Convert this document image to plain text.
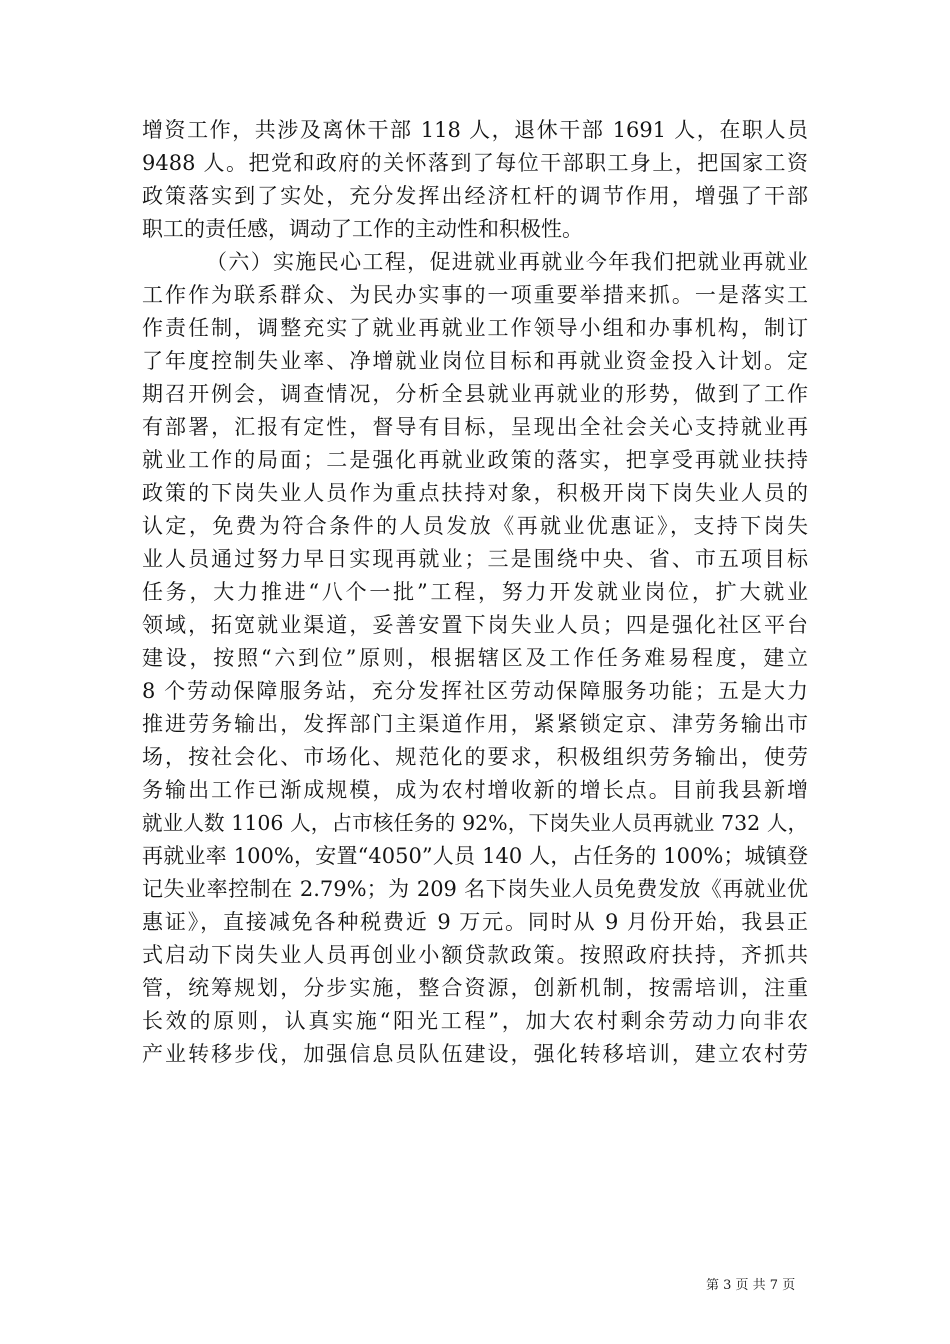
增资工作，共涉及离休干部 118 人，退休干部 1691 人，在职人员
9488 人。把党和政府的关怀落到了每位干部职工身上，把国家工资
政策落实到了实处，充分发挥出经济杠杆的调节作用，增强了干部
职工的责任感，调动了工作的主动性和积极性。
（六）实施民心工程，促进就业再就业今年我们把就业再就业
工作作为联系群众、为民办实事的一项重要举措来抓。一是落实工
作责任制，调整充实了就业再就业工作领导小组和办事机构，制订
了年度控制失业率、净增就业岗位目标和再就业资金投入计划。定
期召开例会，调查情况，分析全县就业再就业的形势，做到了工作
有部署，汇报有定性，督导有目标，呈现出全社会关心支持就业再
就业工作的局面；二是强化再就业政策的落实，把享受再就业扶持
政策的下岗失业人员作为重点扶持对象，积极开岗下岗失业人员的
认定，免费为符合条件的人员发放《再就业优惠证》，支持下岗失
业人员通过努力早日实现再就业；三是围绕中央、省、市五项目标
任务，大力推进“八个一批”工程，努力开发就业岗位，扩大就业
领域，拓宽就业渠道，妥善安置下岗失业人员；四是强化社区平台
建设，按照“六到位”原则，根据辖区及工作任务难易程度，建立
8 个劳动保障服务站，充分发挥社区劳动保障服务功能；五是大力
推进劳务输出，发挥部门主渠道作用，紧紧锁定京、津劳务输出市
场，按社会化、市场化、规范化的要求，积极组织劳务输出，使劳
务输出工作已渐成规模，成为农村增收新的增长点。目前我县新增
就业人数 1106 人，占市核任务的 92%，下岗失业人员再就业 732 人，
再就业率 100%，安置“4050”人员 140 人，占任务的 100%；城镇登
记失业率控制在 2.79%；为 209 名下岗失业人员免费发放《再就业优
惠证》，直接减免各种税费近 9 万元。同时从 9 月份开始，我县正
式启动下岗失业人员再创业小额贷款政策。按照政府扶持，齐抓共
管，统筹规划，分步实施，整合资源，创新机制，按需培训，注重
长效的原则，认真实施“阳光工程”，加大农村剩余劳动力向非农
产业转移步伐，加强信息员队伍建设，强化转移培训，建立农村劳
第 3 页 共 7 页
